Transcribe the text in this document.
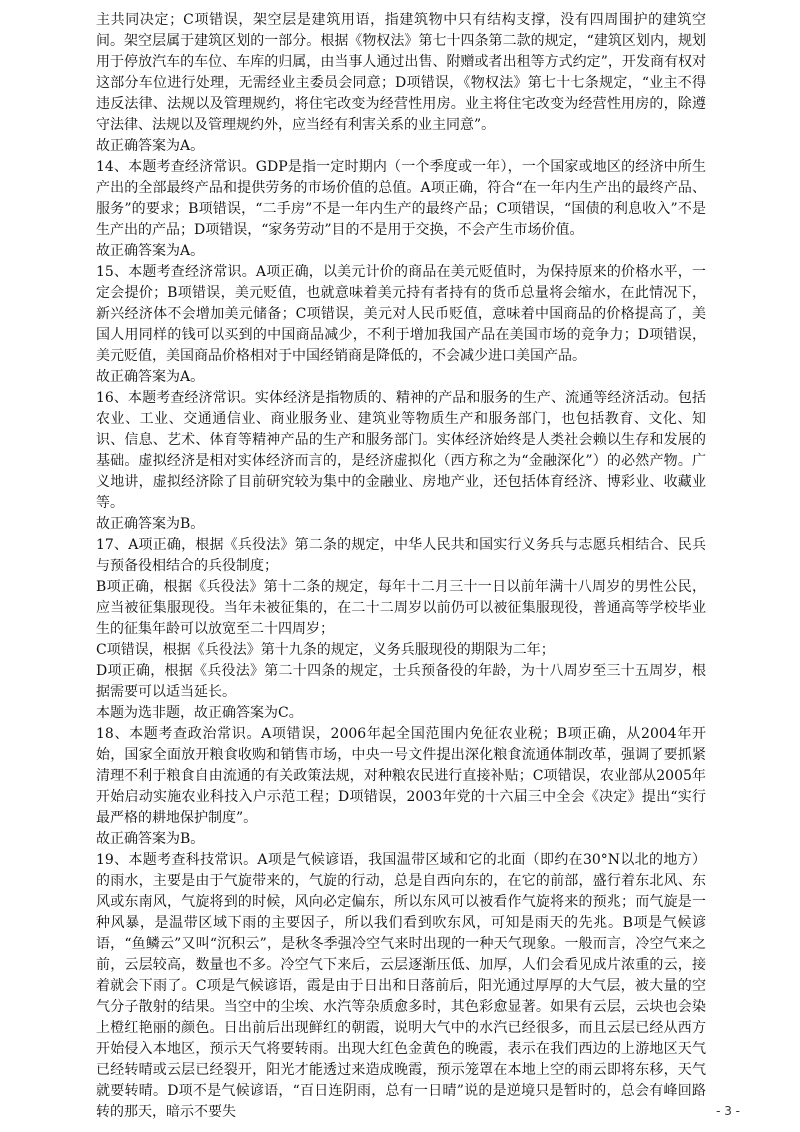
主共同决定；C项错误，架空层是建筑用语，指建筑物中只有结构支撑，没有四周围护的建筑空间。架空层属于建筑区划的一部分。根据《物权法》第七十四条第二款的规定，“建筑区划内，规划用于停放汽车的车位、车库的归属，由当事人通过出售、附赠或者出租等方式约定”，开发商有权对这部分车位进行处理，无需经业主委员会同意；D项错误，《物权法》第七十七条规定，“业主不得违反法律、法规以及管理规约，将住宅改变为经营性用房。业主将住宅改变为经营性用房的，除遵守法律、法规以及管理规约外，应当经有利害关系的业主同意”。

故正确答案为A。

14、本题考查经济常识。GDP是指一定时期内（一个季度或一年），一个国家或地区的经济中所生产出的全部最终产品和提供劳务的市场价值的总值。A项正确，符合“在一年内生产出的最终产品、服务”的要求；B项错误，“二手房”不是一年内生产的最终产品；C项错误，“国债的利息收入”不是生产出的产品；D项错误，“家务劳动”目的不是用于交换，不会产生市场价值。

故正确答案为A。

15、本题考查经济常识。A项正确，以美元计价的商品在美元贬值时，为保持原来的价格水平，一定会提价；B项错误，美元贬值，也就意味着美元持有者持有的货币总量将会缩水，在此情况下，新兴经济体不会增加美元储备；C项错误，美元对人民币贬值，意味着中国商品的价格提高了，美国人用同样的钱可以买到的中国商品减少，不利于增加我国产品在美国市场的竞争力；D项错误，美元贬值，美国商品价格相对于中国经销商是降低的，不会减少进口美国产品。

故正确答案为A。

16、本题考查经济常识。实体经济是指物质的、精神的产品和服务的生产、流通等经济活动。包括农业、工业、交通通信业、商业服务业、建筑业等物质生产和服务部门，也包括教育、文化、知识、信息、艺术、体育等精神产品的生产和服务部门。实体经济始终是人类社会赖以生存和发展的基础。虚拟经济是相对实体经济而言的，是经济虚拟化（西方称之为“金融深化”）的必然产物。广义地讲，虚拟经济除了目前研究较为集中的金融业、房地产业，还包括体育经济、博彩业、收藏业等。

故正确答案为B。

17、A项正确，根据《兵役法》第二条的规定，中华人民共和国实行义务兵与志愿兵相结合、民兵与预备役相结合的兵役制度；

B项正确，根据《兵役法》第十二条的规定，每年十二月三十一日以前年满十八周岁的男性公民，应当被征集服现役。当年未被征集的，在二十二周岁以前仍可以被征集服现役，普通高等学校毕业生的征集年龄可以放宽至二十四周岁；

C项错误，根据《兵役法》第十九条的规定，义务兵服现役的期限为二年；

D项正确，根据《兵役法》第二十四条的规定，士兵预备役的年龄，为十八周岁至三十五周岁，根据需要可以适当延长。

本题为选非题，故正确答案为C。

18、本题考查政治常识。A项错误，2006年起全国范围内免征农业税；B项正确，从2004年开始，国家全面放开粮食收购和销售市场，中央一号文件提出深化粮食流通体制改革，强调了要抓紧清理不利于粮食自由流通的有关政策法规，对种粮农民进行直接补贴；C项错误，农业部从2005年开始启动实施农业科技入户示范工程；D项错误，2003年党的十六届三中全会《决定》提出“实行最严格的耕地保护制度”。

故正确答案为B。

19、本题考查科技常识。A项是气候谚语，我国温带区域和它的北面（即约在30°N以北的地方）的雨水，主要是由于气旋带来的，气旋的行动，总是自西向东的，在它的前部，盛行着东北风、东风或东南风，气旋将到的时候，风向必定偏东，所以东风可以被看作气旋将来的预兆；而气旋是一种风暴，是温带区域下雨的主要因子，所以我们看到吹东风，可知是雨天的先兆。B项是气候谚语，“鱼鳞云”又叫“沉积云”，是秋冬季强冷空气来时出现的一种天气现象。一般而言，冷空气来之前，云层较高，数量也不多。冷空气下来后，云层逐渐压低、加厚，人们会看见成片浓重的云，接着就会下雨了。C项是气候谚语，霞是由于日出和日落前后，阳光通过厚厚的大气层，被大量的空气分子散射的结果。当空中的尘埃、水汽等杂质愈多时，其色彩愈显著。如果有云层，云块也会染上橙红艳丽的颜色。日出前后出现鲜红的朝霞，说明大气中的水汽已经很多，而且云层已经从西方开始侵入本地区，预示天气将要转雨。出现大红色金黄色的晚霞，表示在我们西边的上游地区天气已经转晴或云层已经裂开，阳光才能透过来造成晚霞，预示笼罩在本地上空的雨云即将东移，天气就要转晴。D项不是气候谚语，“百日连阴雨，总有一日晴”说的是逆境只是暂时的，总会有峰回路转的那天，暗示不要失	- 3 -
